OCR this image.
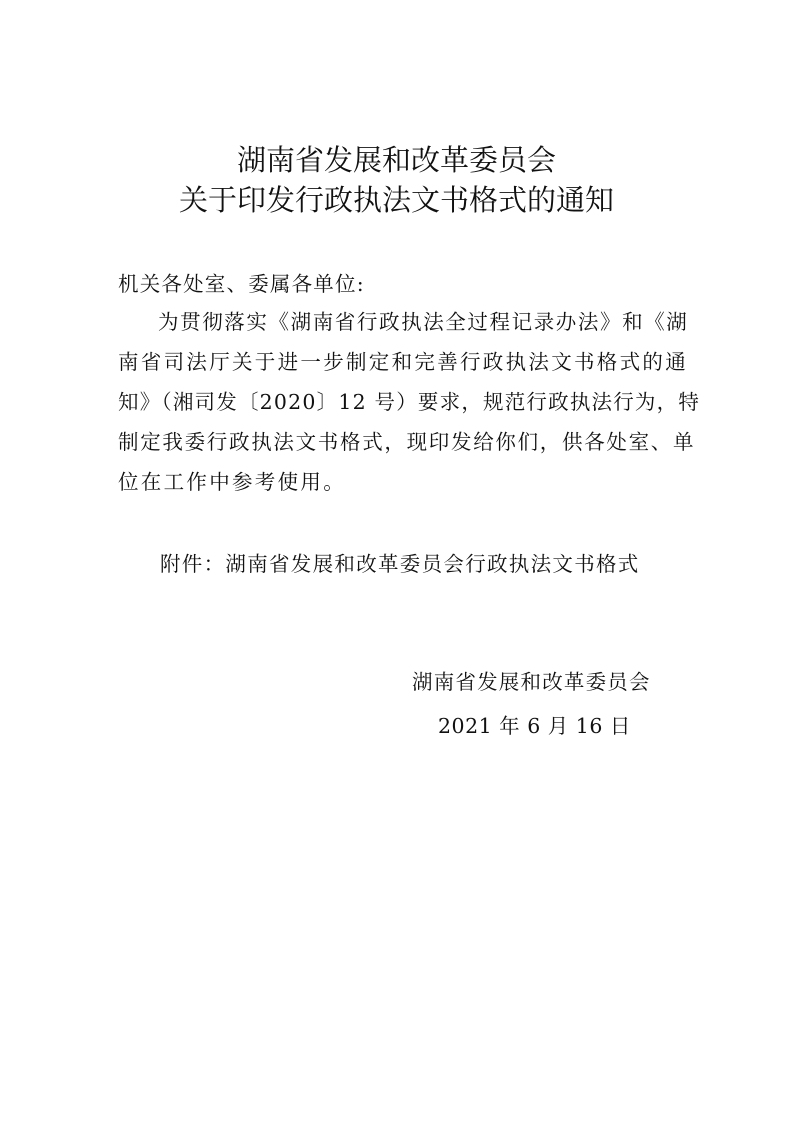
湖南省发展和改革委员会
关于印发行政执法文书格式的通知
机关各处室、委属各单位:
为贯彻落实《湖南省行政执法全过程记录办法》和《湖
南省司法厅关于进一步制定和完善行政执法文书格式的通
知》（湘司发〔2020〕12 号）要求，规范行政执法行为，特
制定我委行政执法文书格式，现印发给你们，供各处室、单
位在工作中参考使用。
附件：湖南省发展和改革委员会行政执法文书格式
湖南省发展和改革委员会
2021 年 6 月 16 日
